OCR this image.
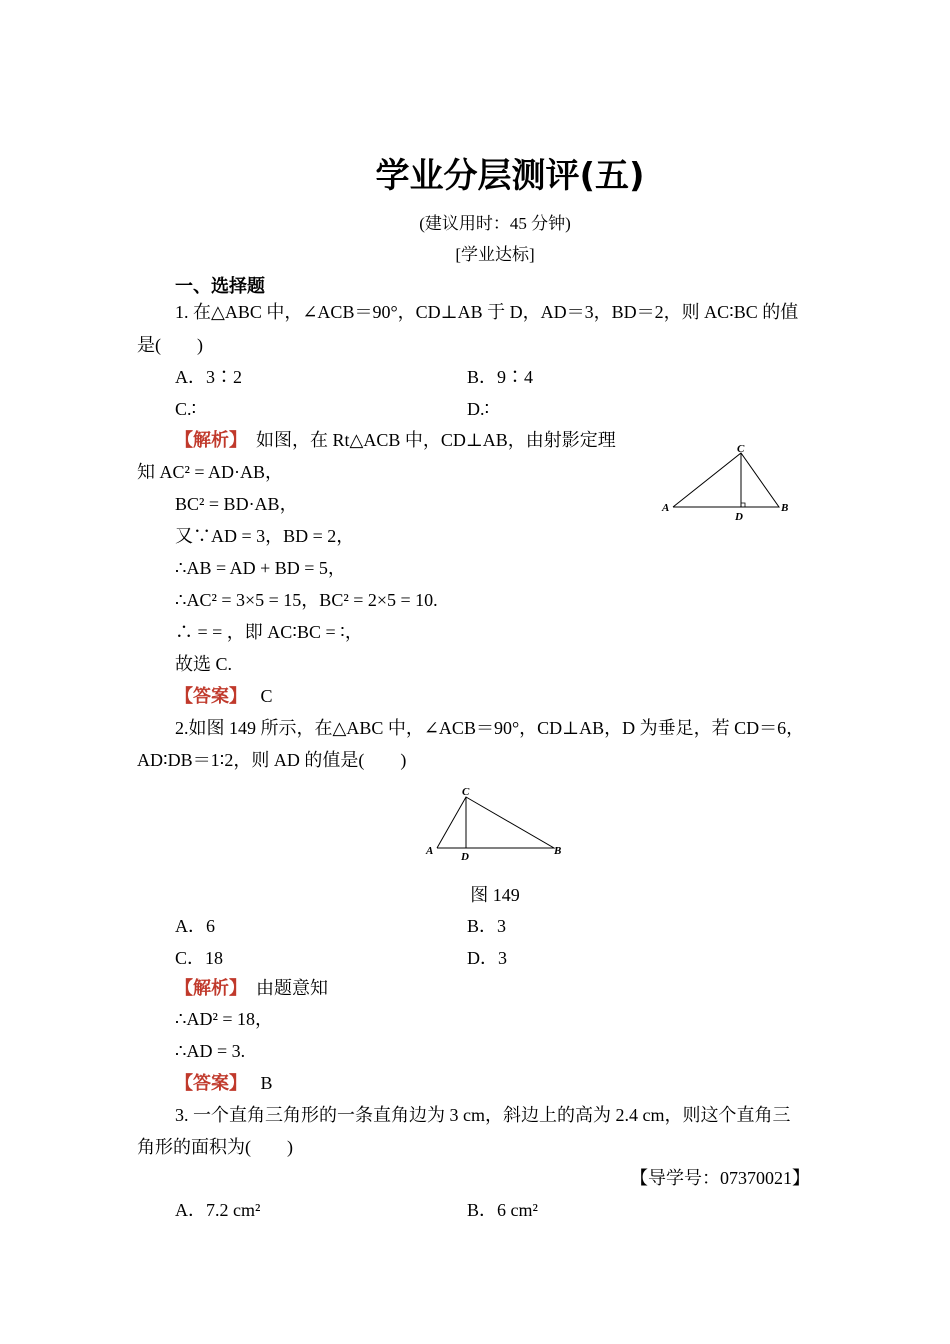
学业分层测评(五)
(建议用时：45 分钟)
[学业达标]
一、选择题
1. 在△ABC 中，∠ACB＝90°，CD⊥AB 于 D，AD＝3，BD＝2，则 AC∶BC 的值
是(　　)
A．3∶2	B．9∶4
C.∶	D.∶
【解析】　如图，在 Rt△ACB 中，CD⊥AB，由射影定理
知 AC² = AD·AB，
BC² = BD·AB，
又∵AD = 3，BD = 2，
∴AB = AD + BD = 5，
∴AC² = 3×5 = 15，BC² = 2×5 = 10.
∴ = = ，即 AC∶BC = ∶，
故选 C.
【答案】 C
C
A	B
D
2.如图 149 所示，在△ABC 中，∠ACB＝90°，CD⊥AB，D 为垂足，若 CD＝6，
AD∶DB＝1∶2，则 AD 的值是(　　)
C
A	B
D
图 149
A．6	B．3
C．18	D．3
【解析】　由题意知
∴AD² = 18，
∴AD = 3.
【答案】 B
3. 一个直角三角形的一条直角边为 3 cm，斜边上的高为 2.4 cm，则这个直角三
角形的面积为(　　)
【导学号：07370021】
A．7.2 cm²	B．6 cm²
